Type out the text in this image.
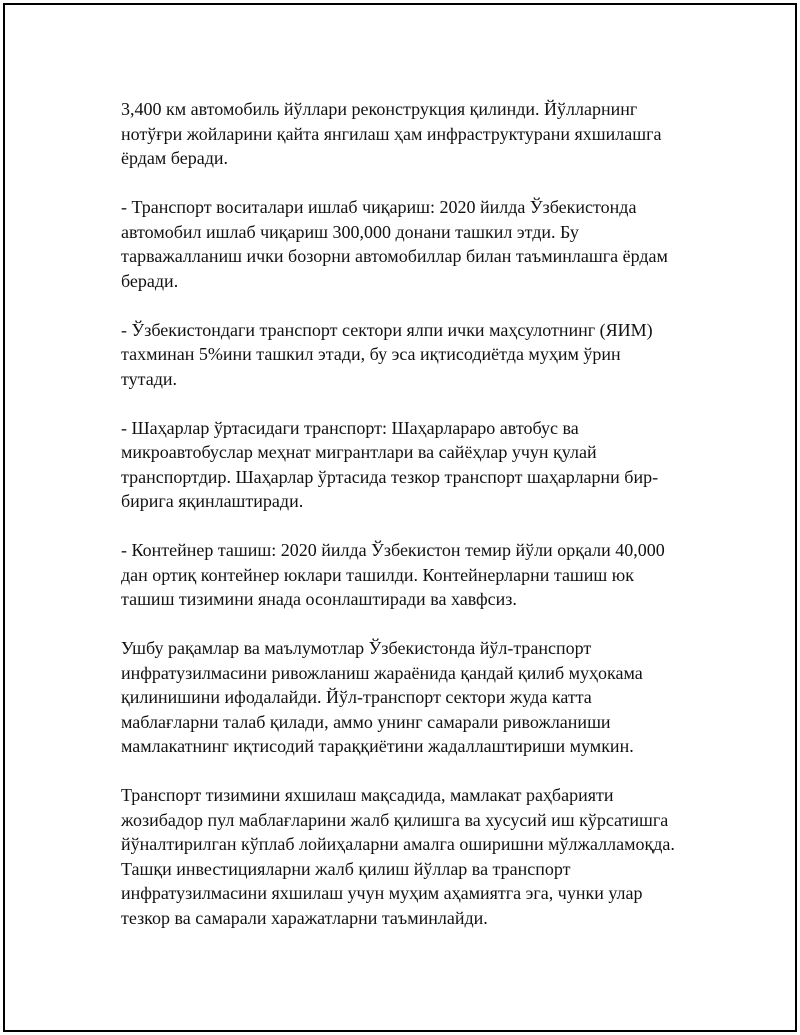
3,400 км автомобиль йўллари реконструкция қилинди. Йўлларнинг
нотўғри жойларини қайта янгилаш ҳам инфраструктурани яхшилашга
ёрдам беради.

- Транспорт воситалари ишлаб чиқариш: 2020 йилда Ўзбекистонда
автомобил ишлаб чиқариш 300,000 донани ташкил этди. Бу
тарважалланиш ички бозорни автомобиллар билан таъминлашга ёрдам
беради.

- Ўзбекистондаги транспорт сектори ялпи ички маҳсулотнинг (ЯИМ)
тахминан 5%ини ташкил этади, бу эса иқтисодиётда муҳим ўрин
тутади.

- Шаҳарлар ўртасидаги транспорт: Шаҳарлараро автобус ва
микроавтобуслар меҳнат мигрантлари ва сайёҳлар учун қулай
транспортдир. Шаҳарлар ўртасида тезкор транспорт шаҳарларни бир-
бирига яқинлаштиради.

- Контейнер ташиш: 2020 йилда Ўзбекистон темир йўли орқали 40,000
дан ортиқ контейнер юклари ташилди. Контейнерларни ташиш юк
ташиш тизимини янада осонлаштиради ва хавфсиз.

Ушбу рақамлар ва маълумотлар Ўзбекистонда йўл-транспорт
инфратузилмасини ривожланиш жараёнида қандай қилиб муҳокама
қилинишини ифодалайди. Йўл-транспорт сектори жуда катта
маблағларни талаб қилади, аммо унинг самарали ривожланиши
мамлакатнинг иқтисодий тараққиётини жадаллаштириши мумкин.

Транспорт тизимини яхшилаш мақсадида, мамлакат раҳбарияти
жозибадор пул маблағларини жалб қилишга ва хусусий иш кўрсатишга
йўналтирилган кўплаб лойиҳаларни амалга оширишни мўлжалламоқда.
Ташқи инвестицияларни жалб қилиш йўллар ва транспорт
инфратузилмасини яхшилаш учун муҳим аҳамиятга эга, чунки улар
тезкор ва самарали харажатларни таъминлайди.
